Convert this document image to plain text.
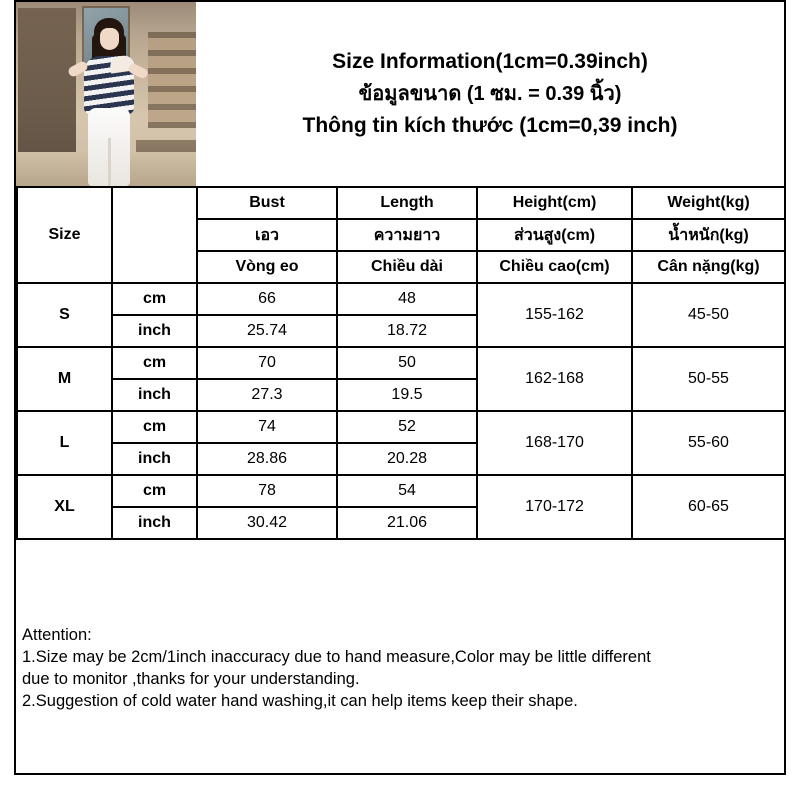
Size Information(1cm=0.39inch)
ข้อมูลขนาด (1 ซม. = 0.39 นิ้ว)
Thông tin kích thước (1cm=0,39 inch)
Size		Bust	Length	Height(cm)	Weight(kg)
		เอว	ความยาว	ส่วนสูง(cm)	น้ำหนัก(kg)
		Vòng eo	Chiều dài	Chiều cao(cm)	Cân nặng(kg)
S	cm	66	48	155-162	45-50
	inch	25.74	18.72		
M	cm	70	50	162-168	50-55
	inch	27.3	19.5		
L	cm	74	52	168-170	55-60
	inch	28.86	20.28		
XL	cm	78	54	170-172	60-65
	inch	30.42	21.06		

Attention:

1.Size may be 2cm/1inch inaccuracy due to hand measure,Color may be little different

due to monitor ,thanks for your understanding.

2.Suggestion of cold water hand washing,it can help items keep their shape.
